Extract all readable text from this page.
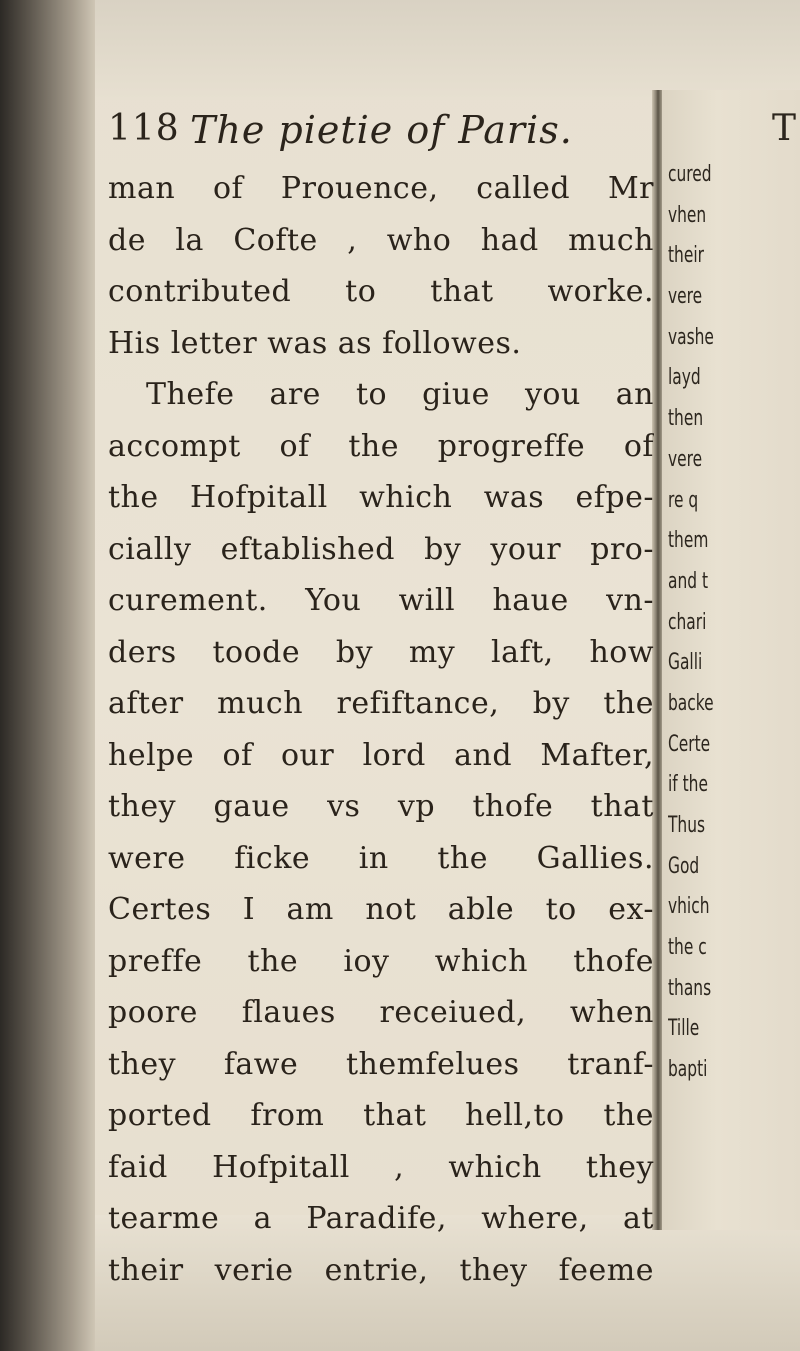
118 The pietie of Paris.	T
man of Prouence, called Mr
de la Cofte , who had much
contributed to that worke.
His letter was as followes.
Thefe are to giue you an
accompt of the progreffe of
the Hofpitall which was efpe-
cially eftablished by your pro-
curement. You will haue vn-
ders toode by my laft, how
after much refiftance, by the
helpe of our lord and Mafter,
they gaue vs vp thofe that
were ficke in the Gallies.
Certes I am not able to ex-
preffe the ioy which thofe
poore flaues receiued, when
they fawe themfelues tranf-
ported from that hell,to the
faid Hofpitall , which they
tearme a Paradife, where, at
their verie entrie, they feeme
cured
vhen
their
vere
vashe
layd
then
vere
re q
them
and t
chari
Galli
backe
Certe
if the
Thus
God
vhich
the c
thans
Tille
bapti
